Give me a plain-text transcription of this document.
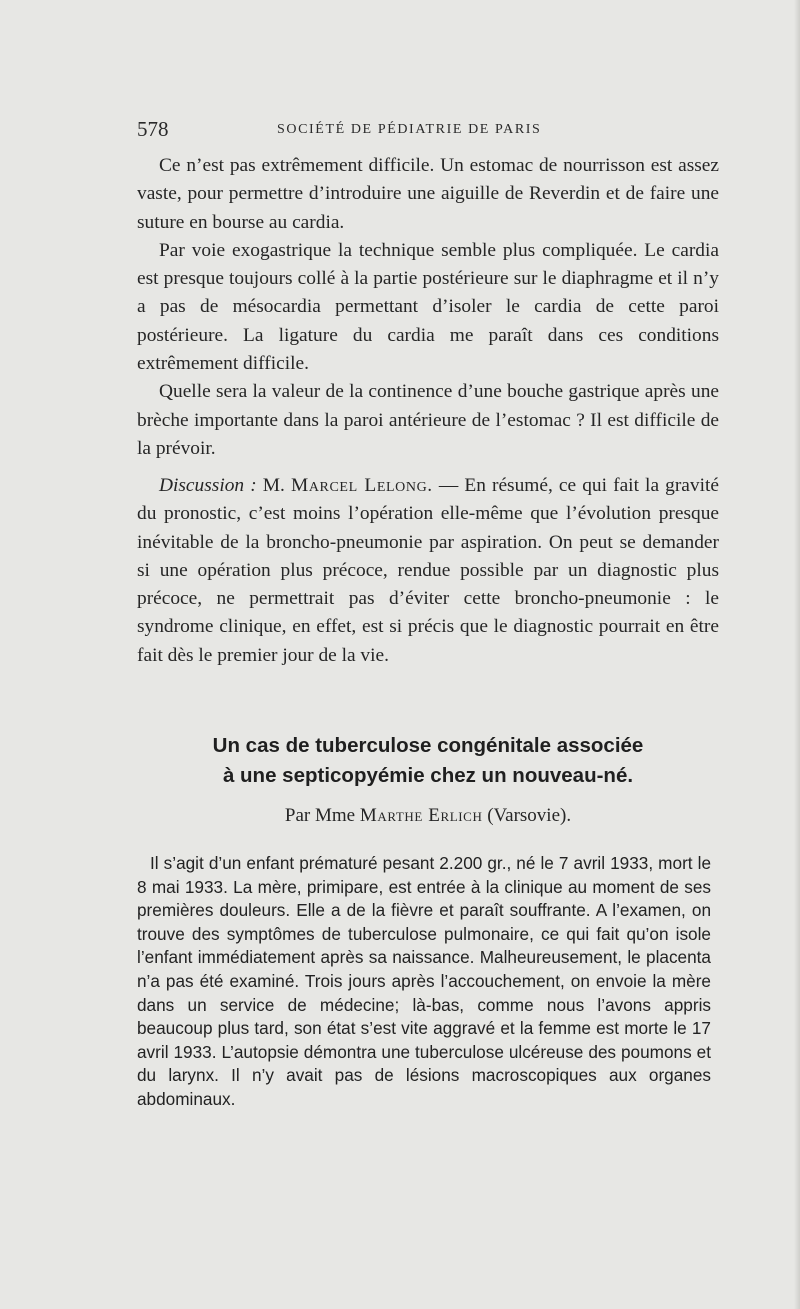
578	SOCIÉTÉ DE PÉDIATRIE DE PARIS

Ce n’est pas extrêmement difficile. Un estomac de nourrisson est assez vaste, pour permettre d’introduire une aiguille de Reverdin et de faire une suture en bourse au cardia.

Par voie exogastrique la technique semble plus compliquée. Le cardia est presque toujours collé à la partie postérieure sur le diaphragme et il n’y a pas de mésocardia permettant d’isoler le cardia de cette paroi postérieure. La ligature du cardia me paraît dans ces conditions extrêmement difficile.

Quelle sera la valeur de la continence d’une bouche gastrique après une brèche importante dans la paroi antérieure de l’estomac ? Il est difficile de la prévoir.

Discussion : M. Marcel Lelong. — En résumé, ce qui fait la gravité du pronostic, c’est moins l’opération elle-même que l’évolution presque inévitable de la broncho-pneumonie par aspiration. On peut se demander si une opération plus précoce, rendue possible par un diagnostic plus précoce, ne permettrait pas d’éviter cette broncho-pneumonie : le syndrome clinique, en effet, est si précis que le diagnostic pourrait en être fait dès le premier jour de la vie.

Un cas de tuberculose congénitale associée
à une septicopyémie chez un nouveau-né.
Par Mme Marthe Erlich (Varsovie).

Il s’agit d’un enfant prématuré pesant 2.200 gr., né le 7 avril 1933, mort le 8 mai 1933. La mère, primipare, est entrée à la clinique au moment de ses premières douleurs. Elle a de la fièvre et paraît souffrante. A l’examen, on trouve des symptômes de tuberculose pulmonaire, ce qui fait qu’on isole l’enfant immédiatement après sa naissance. Malheureusement, le placenta n’a pas été examiné. Trois jours après l’accouchement, on envoie la mère dans un service de médecine; là-bas, comme nous l’avons appris beaucoup plus tard, son état s’est vite aggravé et la femme est morte le 17 avril 1933. L’autopsie démontra une tuberculose ulcéreuse des poumons et du larynx. Il n’y avait pas de lésions macroscopiques aux organes abdominaux.
